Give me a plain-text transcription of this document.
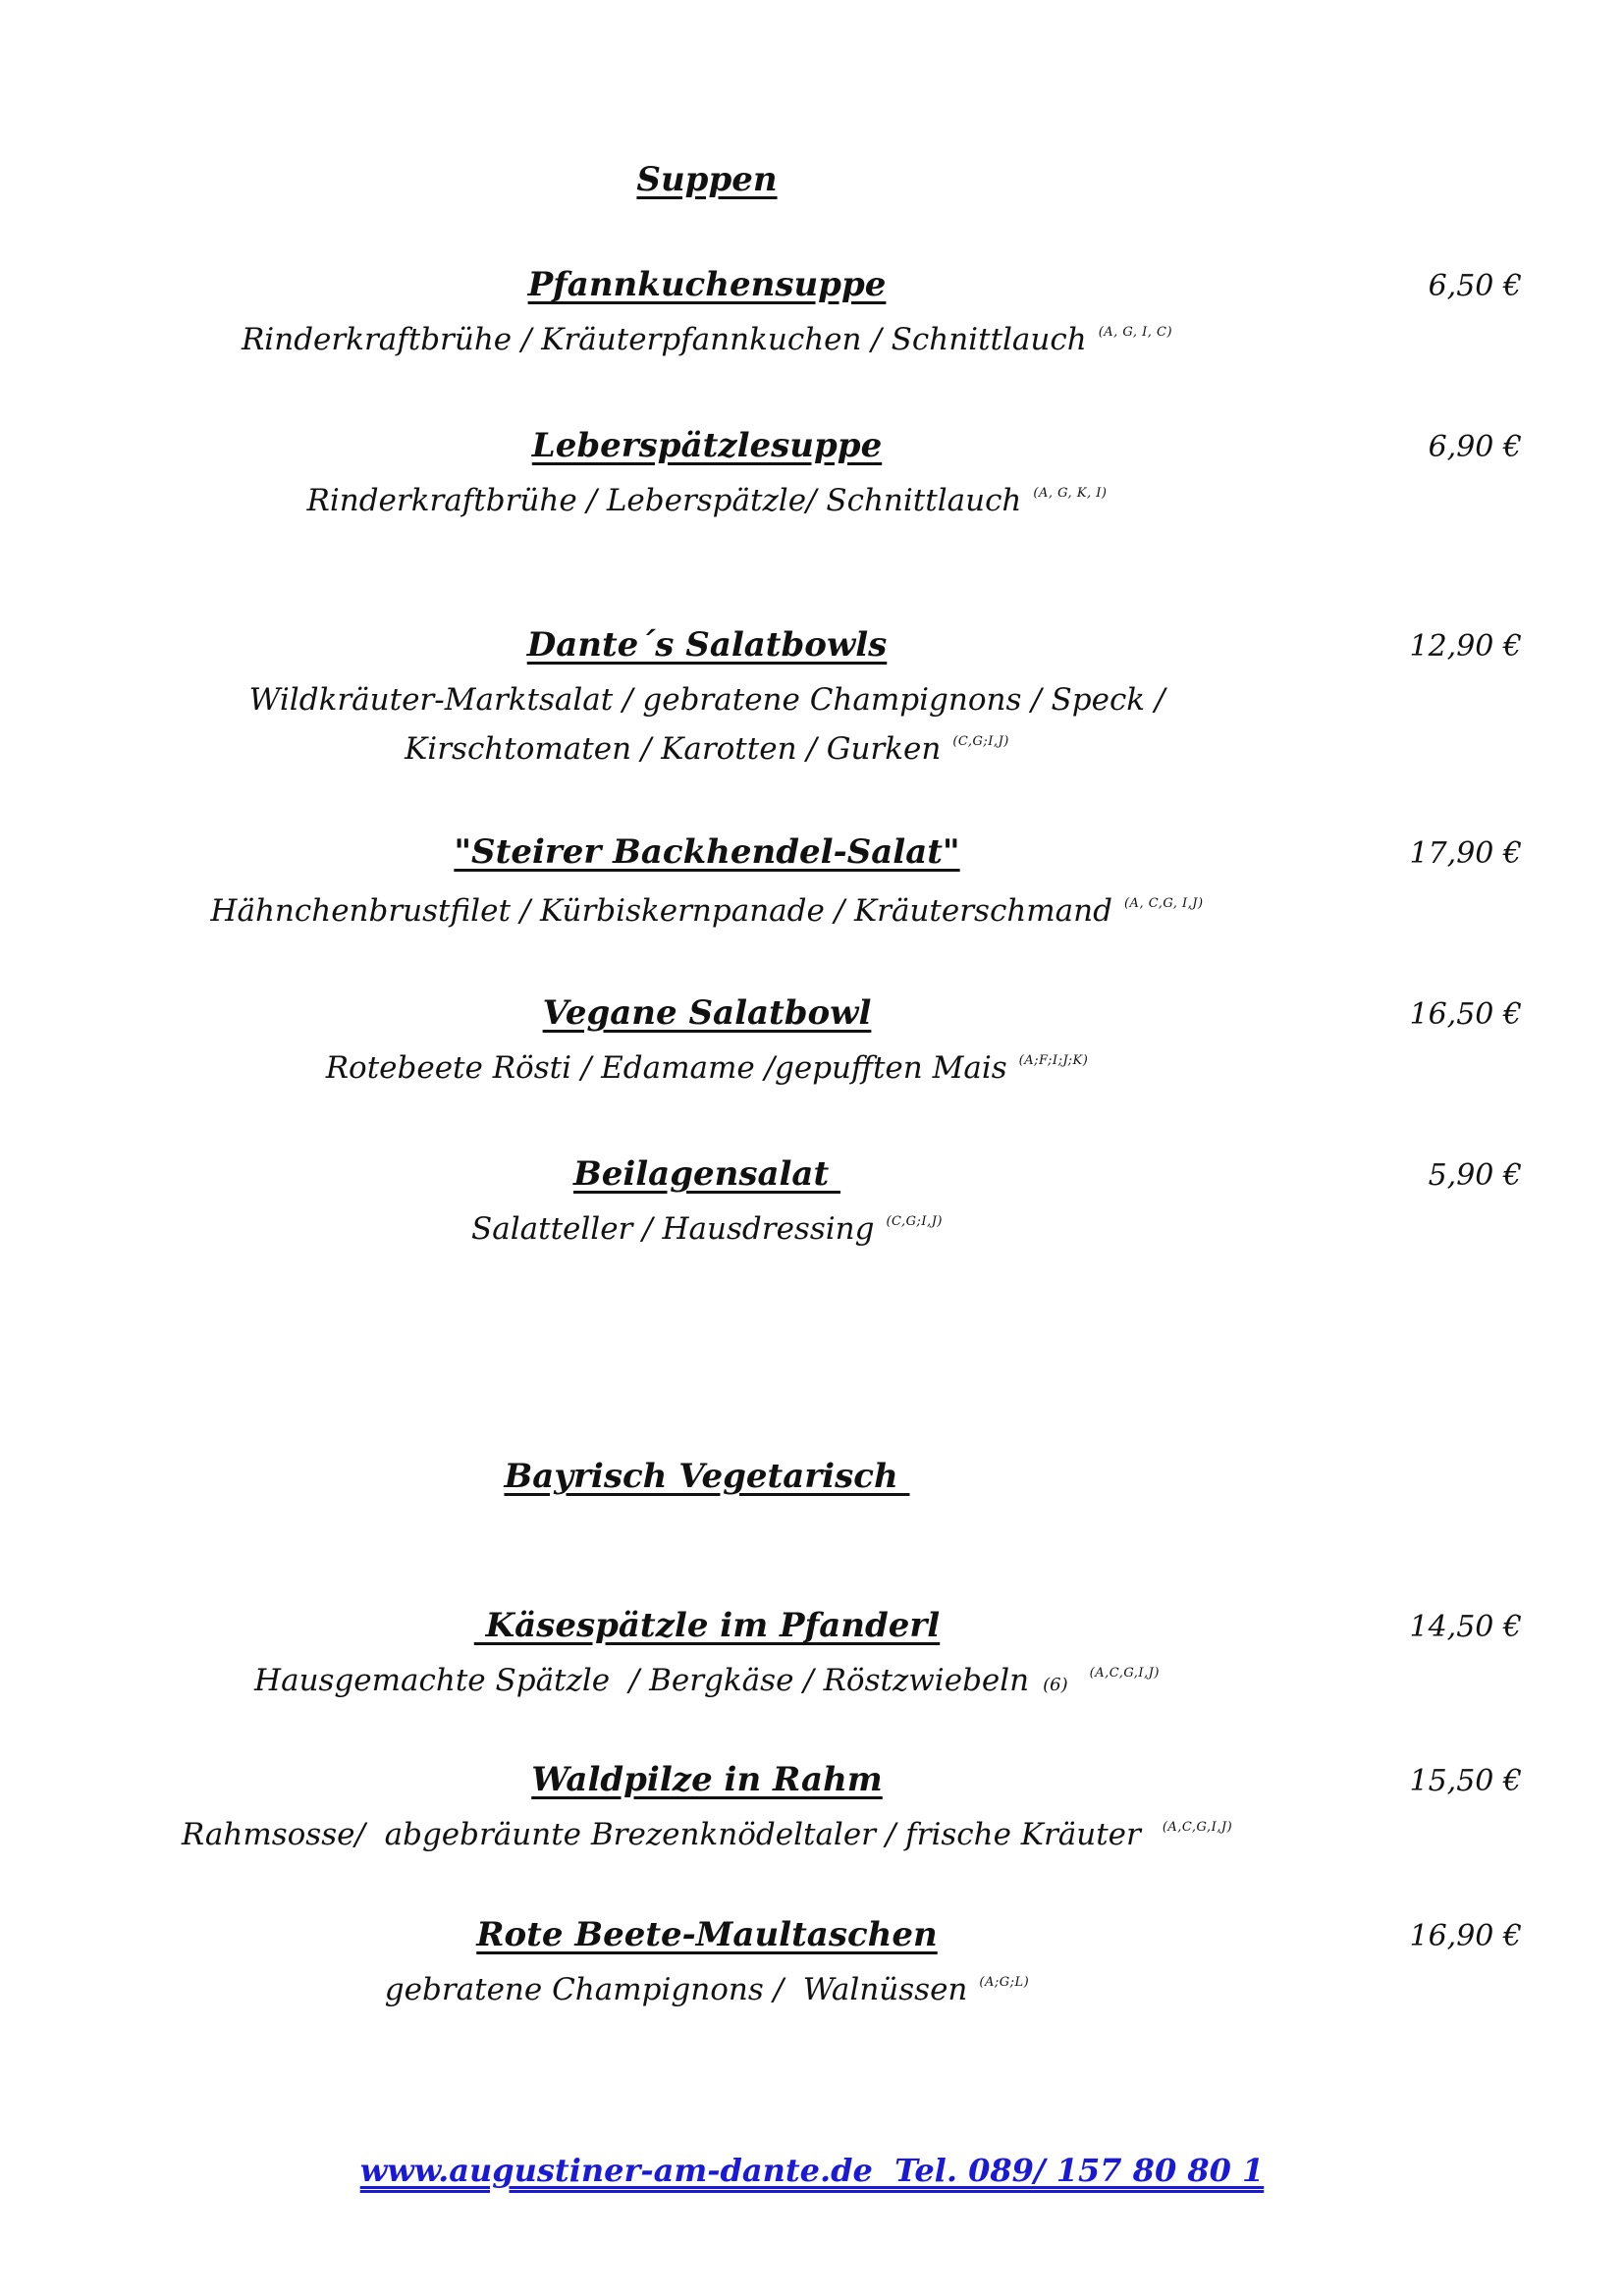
Suppen
Pfannkuchensuppe	6,50 €
Rinderkraftbrühe / Kräuterpfannkuchen / Schnittlauch $^{(A, G, I, C)}$
Leberspätzlesuppe	6,90 €
Rinderkraftbrühe / Leberspätzle/ Schnittlauch $^{(A, G, K, I)}$
Dante´s Salatbowls	12,90 €
Wildkräuter-Marktsalat / gebratene Champignons / Speck /
Kirschtomaten / Karotten / Gurken $^{(C,G;I,J)}$
"Steirer Backhendel-Salat"	17,90 €
Hähnchenbrustfilet / Kürbiskernpanade / Kräuterschmand $^{(A, C,G, I,J)}$
Vegane Salatbowl	16,50 €
Rotebeete Rösti / Edamame /gepufften Mais $^{(A;F;I;J;K)}$
Beilagensalat	5,90 €
Salatteller / Hausdressing $^{(C,G;I,J)}$
Bayrisch Vegetarisch
Käsespätzle im Pfanderl	14,50 €
Hausgemachte Spätzle  / Bergkäse / Röstzwiebeln $(6)^{(A,C,G,I,J)}$
Waldpilze in Rahm	15,50 €
Rahmsosse/  abgebräunte Brezenknödeltaler / frische Kräuter $^{(A,C,G,I,J)}$
Rote Beete-Maultaschen	16,90 €
gebratene Champignons /  Walnüssen $^{(A;G;L)}$
www.augustiner-am-dante.de  Tel. 089/ 157 80 80 1
